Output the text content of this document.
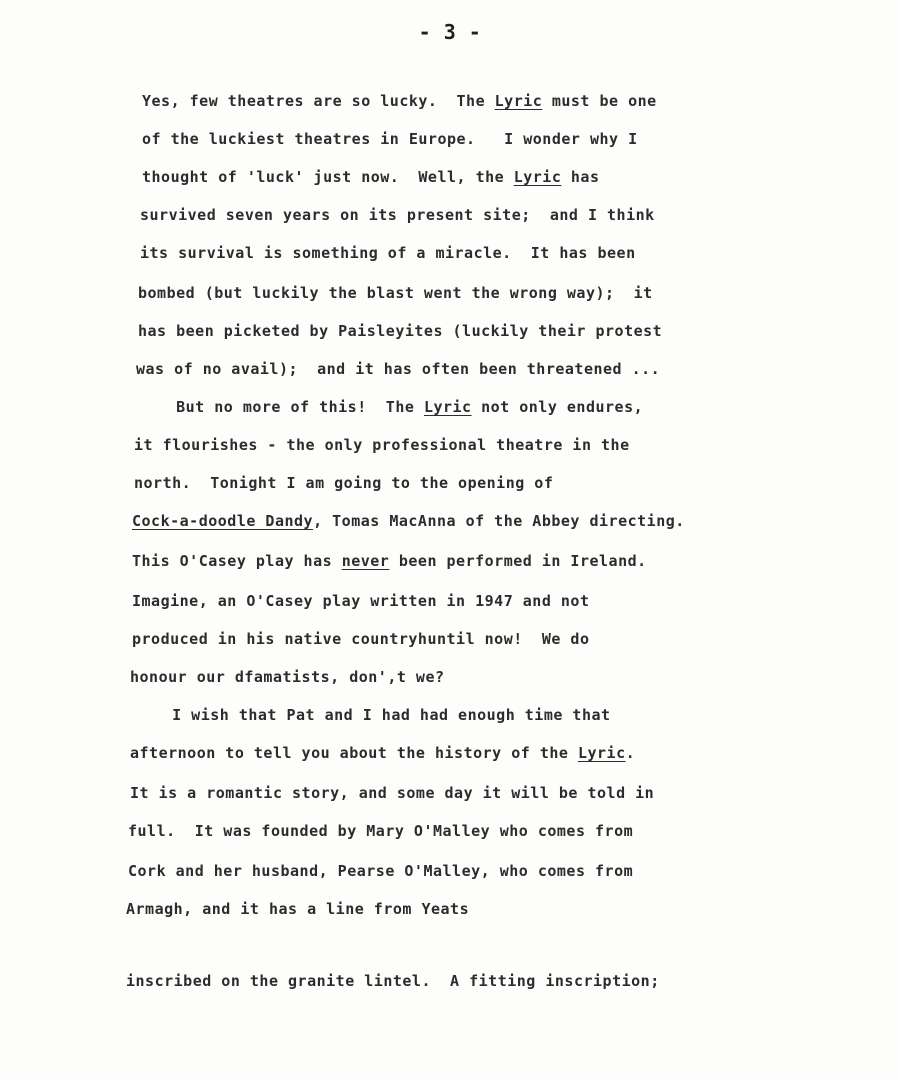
- 3 -
Yes, few theatres are so lucky.  The Lyric must be one
of the luckiest theatres in Europe.   I wonder why I
thought of 'luck' just now.  Well, the Lyric has
survived seven years on its present site;  and I think
its survival is something of a miracle.  It has been
bombed (but luckily the blast went the wrong way);  it
has been picketed by Paisleyites (luckily their protest
was of no avail);  and it has often been threatened ...
But no more of this!  The Lyric not only endures,
it flourishes - the only professional theatre in the
north.  Tonight I am going to the opening of
Cock-a-doodle Dandy, Tomas MacAnna of the Abbey directing.
This O'Casey play has never been performed in Ireland.
Imagine, an O'Casey play written in 1947 and not
produced in his native countryhuntil now!  We do
honour our dfamatists, don',t we?
I wish that Pat and I had had enough time that
afternoon to tell you about the history of the Lyric.
It is a romantic story, and some day it will be told in
full.  It was founded by Mary O'Malley who comes from
Cork and her husband, Pearse O'Malley, who comes from
Armagh, and it has a line from Yeats
inscribed on the granite lintel.  A fitting inscription;
